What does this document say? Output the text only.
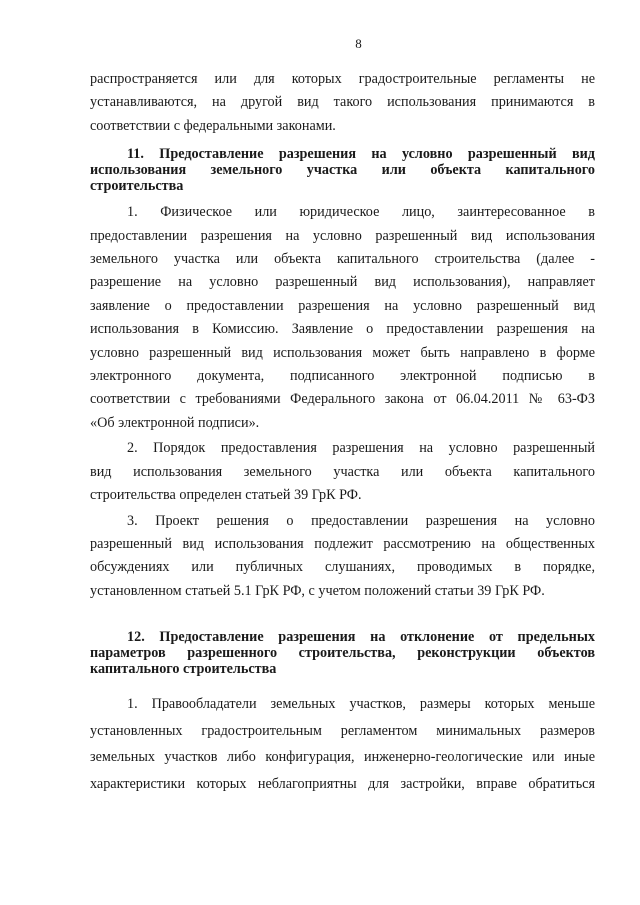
8
распространяется или для которых градостроительные регламенты не
устанавливаются, на другой вид такого использования принимаются в
соответствии с федеральными законами.
11. Предоставление разрешения на условно разрешенный вид
использования земельного участка или объекта капитального
строительства
1. Физическое или юридическое лицо, заинтересованное в
предоставлении разрешения на условно разрешенный вид использования
земельного участка или объекта капитального строительства (далее -
разрешение на условно разрешенный вид использования), направляет
заявление о предоставлении разрешения на условно разрешенный вид
использования в Комиссию. Заявление о предоставлении разрешения на
условно разрешенный вид использования может быть направлено в форме
электронного документа, подписанного электронной подписью в
соответствии с требованиями Федерального закона от 06.04.2011 № 63-ФЗ
«Об электронной подписи».
2. Порядок предоставления разрешения на условно разрешенный
вид использования земельного участка или объекта капитального
строительства определен статьей 39 ГрК РФ.
3. Проект решения о предоставлении разрешения на условно
разрешенный вид использования подлежит рассмотрению на общественных
обсуждениях или публичных слушаниях, проводимых в порядке,
установленном статьей 5.1 ГрК РФ, с учетом положений статьи 39 ГрК РФ.
12. Предоставление разрешения на отклонение от предельных
параметров разрешенного строительства, реконструкции объектов
капитального строительства
1. Правообладатели земельных участков, размеры которых меньше
установленных градостроительным регламентом минимальных размеров
земельных участков либо конфигурация, инженерно-геологические или иные
характеристики которых неблагоприятны для застройки, вправе обратиться
